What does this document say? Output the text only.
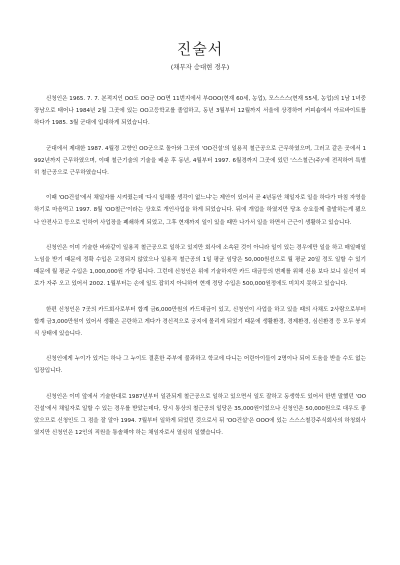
진술서
(채무자 승대현 경우)

신청인은 1965. 7. 7. 본적지인 OO도 OO군 OO면 11번지에서 부OOO(현재 60세, 농업), 모스스스(현재 55세, 농업)의 1남 1녀중 장남으로 태어나 1984년 2월 그곳에 있는 OO고등학교를 졸업하고, 동년 3월부터 12월까지 서울에 상경하여 커피숍에서 아르바이트를 하다가 1985. 3월 군대에 입대하게 되었습니다.

군대에서 제대한 1987. 4월경 고향인 OO군으로 돌아와 그곳의 'OO건설'의 일용직 철근공으로 근무하였으며, 그러고 같은 곳에서 1992년까지 근무하였으며, 이때 철근기술의 기술을 배운 후 동년, 4월부터 1997. 6월경까지 그곳에 있던 '스스철근(주)'에 전직하여 특별히 철근공으로 근무하였습니다.

이때 'OO건설'에서 채일자를 시켜줬는데 '다시 일해볼 생각이 없느냐'는 제안이 있어서 곧 4년동안 채일자로 일을 하다가 마침 자영을 하기로 마음먹고 1997. 8월 'OO철근'이라는 상호로 개인사업을 하게 되었습니다. 뒤에 개업을 하였지만 당초 승요들께 출발하는게 됐으나 안전사고 등으로 인하여 사업장을 폐쇄하게 되었고, 그후 현재까지 일이 있을 때만 나가서 일을 하면서 근근이 생활하고 있습니다.

신청인은 이미 기술한 바와같이 일용직 철근공으로 일하고 있지만 회사에 소속된 것이 아니라 일이 있는 경우에만 일을 하고 매일매일 노임을 받기 때문에 정확 수입은 고정되지 않았으나 일용직 철근공의 1일 평균 임당은 50,000원선으로 월 평균 20일 정도 일할 수 있기 때문에 월 평균 수입은 1,000,000원 가량 됩니다. 그런데 신청인은 위에 기술하지만 카드 대금등의 변제를 위해 신용 보다 보니 실신이 피로가 자주 오고 있어서 2002. 1월부터는 손에 일도 잡히지 아니하여 현재 정당 수입은 500,000원정에도 미치지 못하고 있습니다.

한편 신청인은 7곳의 카드회사로부터 합계 금6,000만원의 카드대금이 있고, 신청인이 사업을 하고 있을 때의 사채도 2사람으로부터 합계 금3,000만원이 있어서 생활은 곤란하고 게다가 경신적으로 궁지에 몰리게 되었기 때문에 생활환경, 경제환경, 심신환경 등 모두 붕괴식 상태에 있습니다.

신청인에게 누이가 있거는 하나 그 누이도 결혼한 주부에 불과하고 학교에 다니는 어린아이들이 2명이나 되어 도움을 받을 수도 없는 입장입니다.

신청인은 이미 앞에서 기술한대로 1987년부터 일관되게 철근공으로 일하고 있으면서 일도 잘하고 동생학도 있어서 한번 말했던 'OO건설'에서 채일자로 일할 수 있는 경우를 받았는데다, 당시 통상의 철근공의 일당은 35,000원이었으나 신청인은 50,000원으로 대우도 좋았으므로 신청인도 그 점을 잘 알아 1994. 7월부터 일하게 되었던 것으로서 뒤 'OO건설'은 OOO에 있는 스스스철강주식회사의 하청회사였지만 신청인은 12인의 직원을 통솔해야 하는 채임자로서 열심히 일했습니다.
